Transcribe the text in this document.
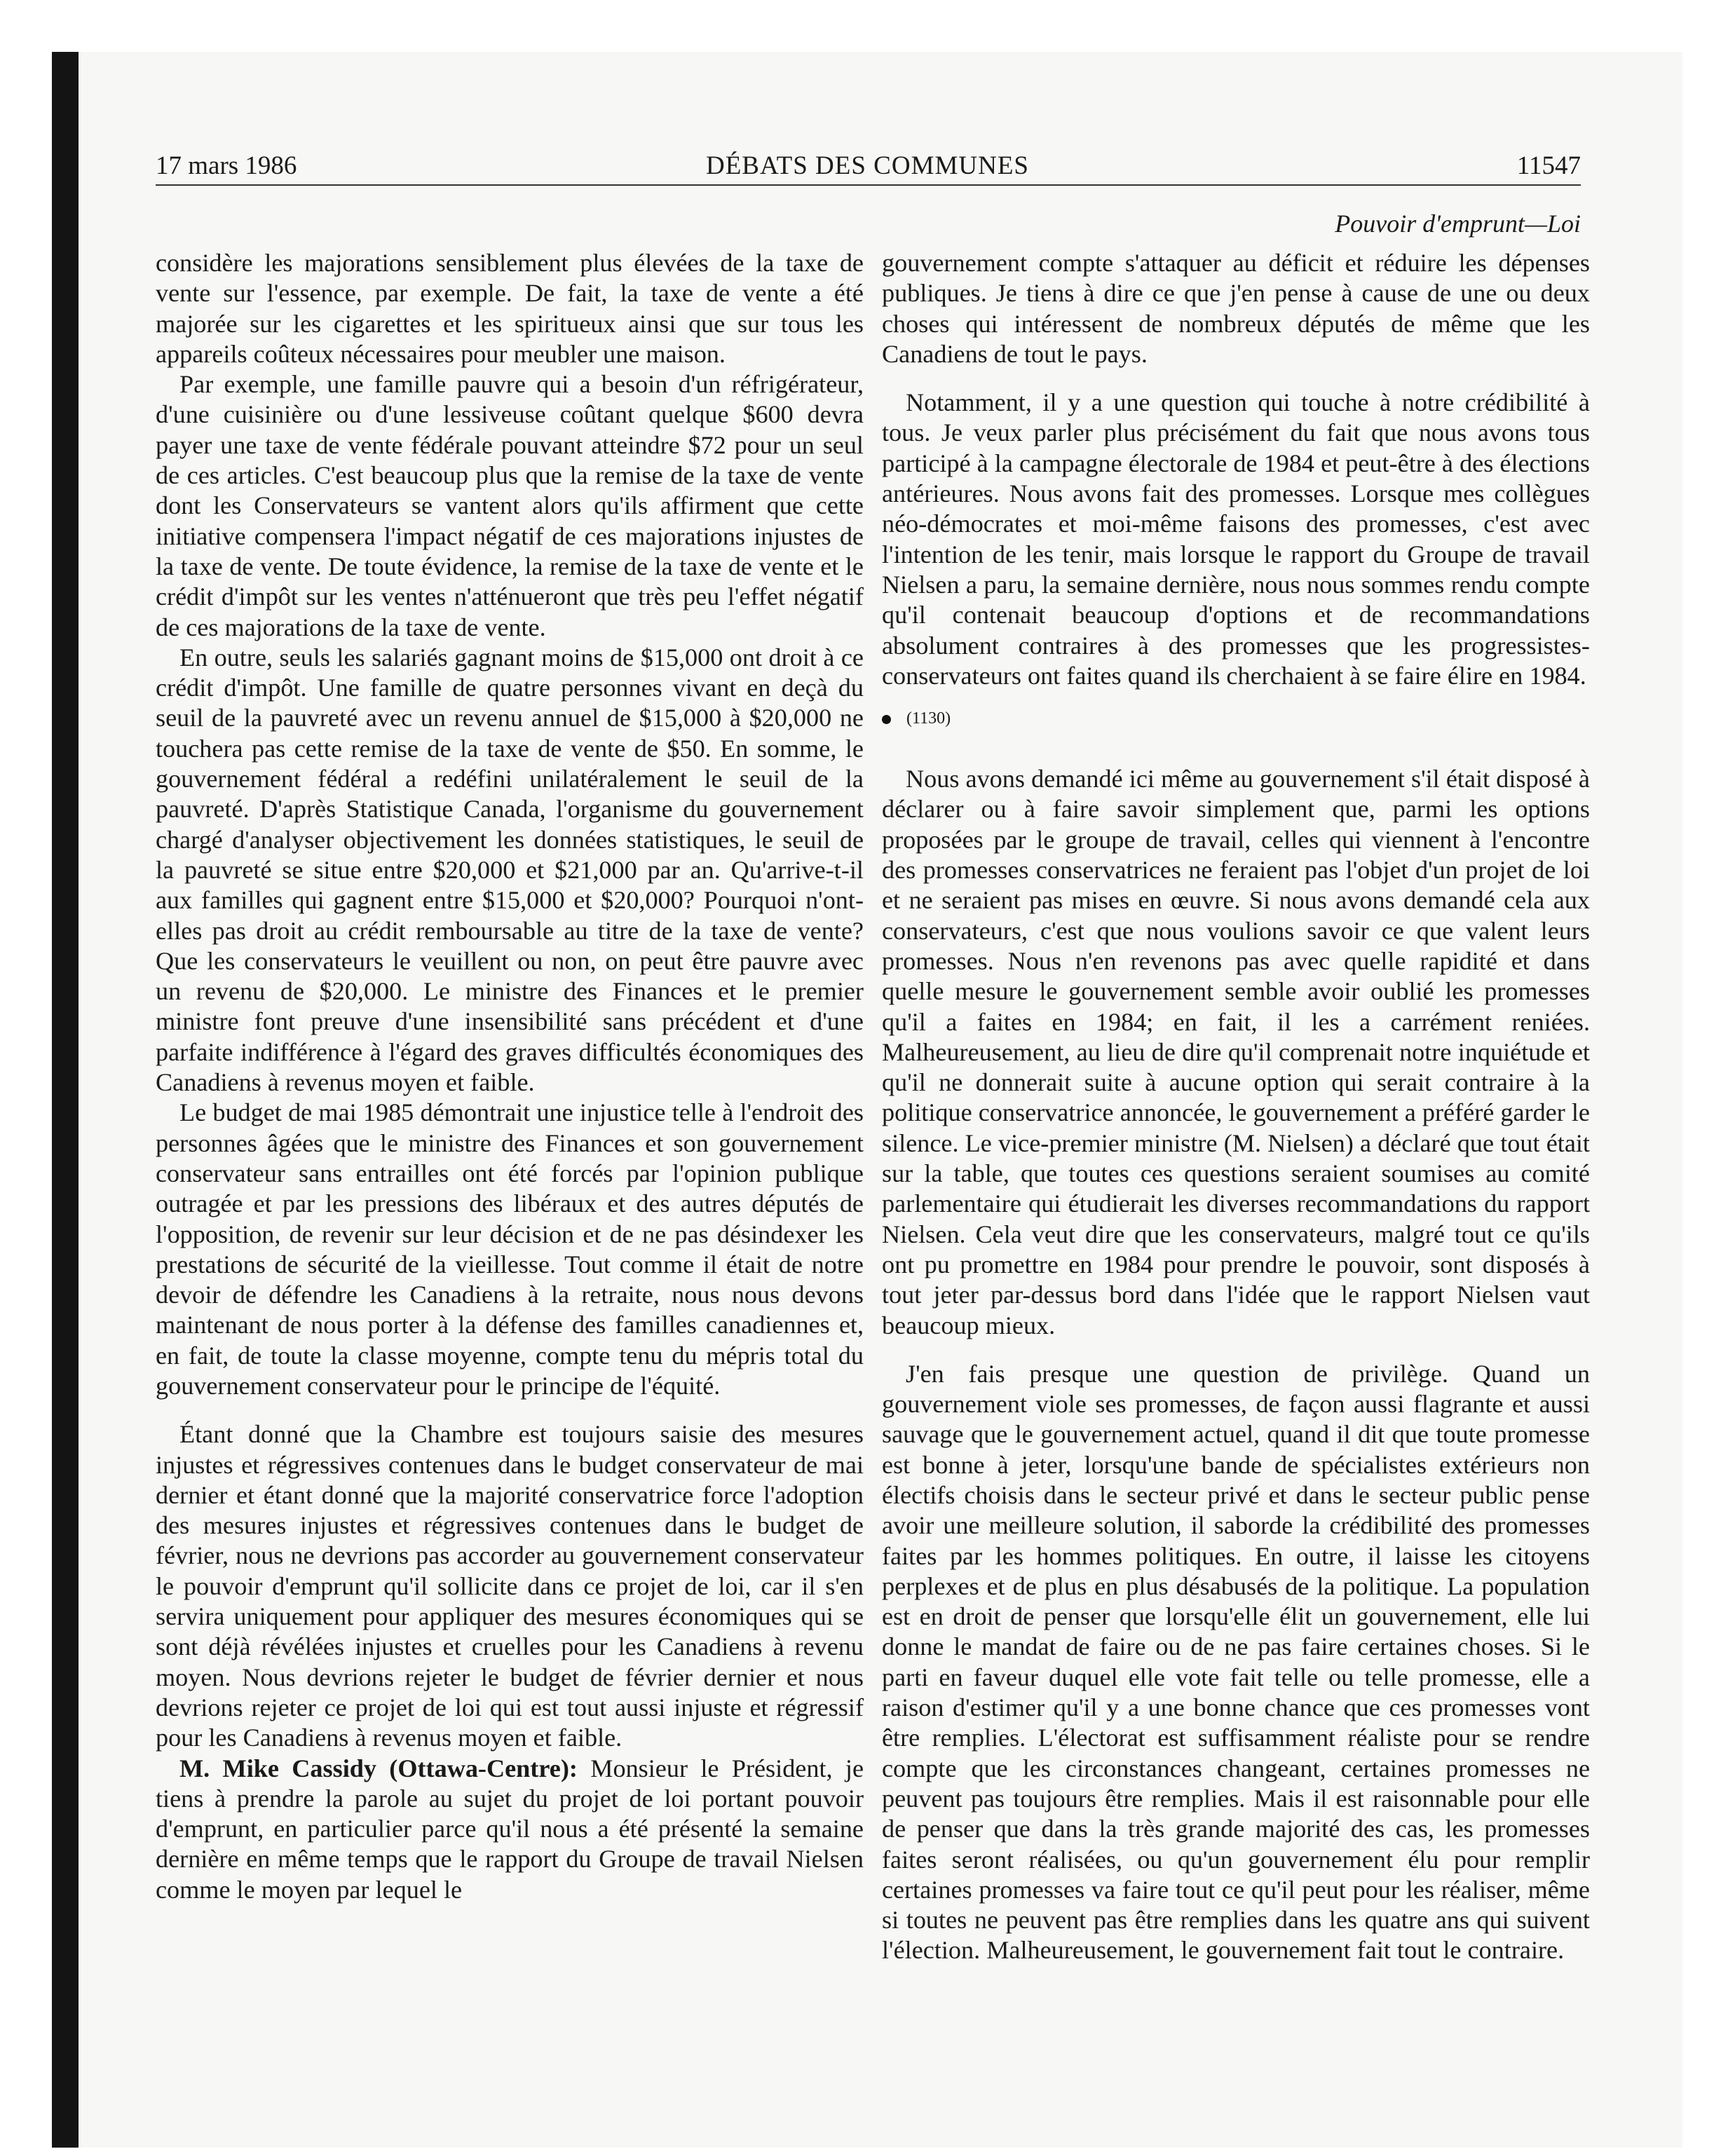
17 mars 1986	DÉBATS DES COMMUNES	11547
Pouvoir d'emprunt—Loi

considère les majorations sensiblement plus élevées de la taxe de vente sur l'essence, par exemple. De fait, la taxe de vente a été majorée sur les cigarettes et les spiritueux ainsi que sur tous les appareils coûteux nécessaires pour meubler une maison.

Par exemple, une famille pauvre qui a besoin d'un réfrigérateur, d'une cuisinière ou d'une lessiveuse coûtant quelque $600 devra payer une taxe de vente fédérale pouvant atteindre $72 pour un seul de ces articles. C'est beaucoup plus que la remise de la taxe de vente dont les Conservateurs se vantent alors qu'ils affirment que cette initiative compensera l'impact négatif de ces majorations injustes de la taxe de vente. De toute évidence, la remise de la taxe de vente et le crédit d'impôt sur les ventes n'atténueront que très peu l'effet négatif de ces majorations de la taxe de vente.

En outre, seuls les salariés gagnant moins de $15,000 ont droit à ce crédit d'impôt. Une famille de quatre personnes vivant en deçà du seuil de la pauvreté avec un revenu annuel de $15,000 à $20,000 ne touchera pas cette remise de la taxe de vente de $50. En somme, le gouvernement fédéral a redéfini unilatéralement le seuil de la pauvreté. D'après Statistique Canada, l'organisme du gouvernement chargé d'analyser objectivement les données statistiques, le seuil de la pauvreté se situe entre $20,000 et $21,000 par an. Qu'arrive-t-il aux familles qui gagnent entre $15,000 et $20,000? Pourquoi n'ont-elles pas droit au crédit remboursable au titre de la taxe de vente? Que les conservateurs le veuillent ou non, on peut être pauvre avec un revenu de $20,000. Le ministre des Finances et le premier ministre font preuve d'une insensibilité sans précédent et d'une parfaite indifférence à l'égard des graves difficultés économiques des Canadiens à revenus moyen et faible.

Le budget de mai 1985 démontrait une injustice telle à l'endroit des personnes âgées que le ministre des Finances et son gouvernement conservateur sans entrailles ont été forcés par l'opinion publique outragée et par les pressions des libéraux et des autres députés de l'opposition, de revenir sur leur décision et de ne pas désindexer les prestations de sécurité de la vieillesse. Tout comme il était de notre devoir de défendre les Canadiens à la retraite, nous nous devons maintenant de nous porter à la défense des familles canadiennes et, en fait, de toute la classe moyenne, compte tenu du mépris total du gouvernement conservateur pour le principe de l'équité.

Étant donné que la Chambre est toujours saisie des mesures injustes et régressives contenues dans le budget conservateur de mai dernier et étant donné que la majorité conservatrice force l'adoption des mesures injustes et régressives contenues dans le budget de février, nous ne devrions pas accorder au gouvernement conservateur le pouvoir d'emprunt qu'il sollicite dans ce projet de loi, car il s'en servira uniquement pour appliquer des mesures économiques qui se sont déjà révélées injustes et cruelles pour les Canadiens à revenu moyen. Nous devrions rejeter le budget de février dernier et nous devrions rejeter ce projet de loi qui est tout aussi injuste et régressif pour les Canadiens à revenus moyen et faible.

M. Mike Cassidy (Ottawa-Centre): Monsieur le Président, je tiens à prendre la parole au sujet du projet de loi portant pouvoir d'emprunt, en particulier parce qu'il nous a été présenté la semaine dernière en même temps que le rapport du Groupe de travail Nielsen comme le moyen par lequel le

gouvernement compte s'attaquer au déficit et réduire les dépenses publiques. Je tiens à dire ce que j'en pense à cause de une ou deux choses qui intéressent de nombreux députés de même que les Canadiens de tout le pays.

Notamment, il y a une question qui touche à notre crédibilité à tous. Je veux parler plus précisément du fait que nous avons tous participé à la campagne électorale de 1984 et peut-être à des élections antérieures. Nous avons fait des promesses. Lorsque mes collègues néo-démocrates et moi-même faisons des promesses, c'est avec l'intention de les tenir, mais lorsque le rapport du Groupe de travail Nielsen a paru, la semaine dernière, nous nous sommes rendu compte qu'il contenait beaucoup d'options et de recommandations absolument contraires à des promesses que les progressistes-conservateurs ont faites quand ils cherchaient à se faire élire en 1984.

(1130)

Nous avons demandé ici même au gouvernement s'il était disposé à déclarer ou à faire savoir simplement que, parmi les options proposées par le groupe de travail, celles qui viennent à l'encontre des promesses conservatrices ne feraient pas l'objet d'un projet de loi et ne seraient pas mises en œuvre. Si nous avons demandé cela aux conservateurs, c'est que nous voulions savoir ce que valent leurs promesses. Nous n'en revenons pas avec quelle rapidité et dans quelle mesure le gouvernement semble avoir oublié les promesses qu'il a faites en 1984; en fait, il les a carrément reniées. Malheureusement, au lieu de dire qu'il comprenait notre inquiétude et qu'il ne donnerait suite à aucune option qui serait contraire à la politique conservatrice annoncée, le gouvernement a préféré garder le silence. Le vice-premier ministre (M. Nielsen) a déclaré que tout était sur la table, que toutes ces questions seraient soumises au comité parlementaire qui étudierait les diverses recommandations du rapport Nielsen. Cela veut dire que les conservateurs, malgré tout ce qu'ils ont pu promettre en 1984 pour prendre le pouvoir, sont disposés à tout jeter par-dessus bord dans l'idée que le rapport Nielsen vaut beaucoup mieux.

J'en fais presque une question de privilège. Quand un gouvernement viole ses promesses, de façon aussi flagrante et aussi sauvage que le gouvernement actuel, quand il dit que toute promesse est bonne à jeter, lorsqu'une bande de spécialistes extérieurs non électifs choisis dans le secteur privé et dans le secteur public pense avoir une meilleure solution, il saborde la crédibilité des promesses faites par les hommes politiques. En outre, il laisse les citoyens perplexes et de plus en plus désabusés de la politique. La population est en droit de penser que lorsqu'elle élit un gouvernement, elle lui donne le mandat de faire ou de ne pas faire certaines choses. Si le parti en faveur duquel elle vote fait telle ou telle promesse, elle a raison d'estimer qu'il y a une bonne chance que ces promesses vont être remplies. L'électorat est suffisamment réaliste pour se rendre compte que les circonstances changeant, certaines promesses ne peuvent pas toujours être remplies. Mais il est raisonnable pour elle de penser que dans la très grande majorité des cas, les promesses faites seront réalisées, ou qu'un gouvernement élu pour remplir certaines promesses va faire tout ce qu'il peut pour les réaliser, même si toutes ne peuvent pas être remplies dans les quatre ans qui suivent l'élection. Malheureusement, le gouvernement fait tout le contraire.
